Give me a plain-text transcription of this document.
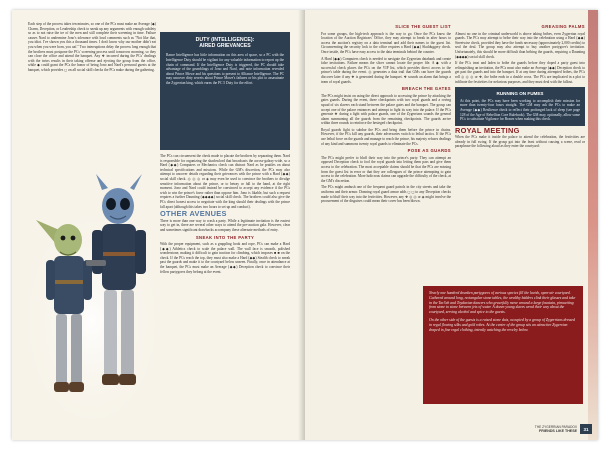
Each step of the process takes ten minutes, so one of the PCs must make an Average (◆) Charm, Deception, or Leadership check to sneak up any arguments with enough subtlety so as to not raise the ire of the men and still complete their screening in time. Failure causes Nard to undermine Jono's tolerance with loud comments such as "Not like that, you idiot. I've shown you this a thousand times. I don't know why our mother didn't eat you when you were born, you oaf." Two interruptions delay the process long enough that the brothers must postpone the PCs' screening process until tomorrow morning, so they can close the office and attend the banquet. Any ❖ incurred during the PCs' dealings with the twins results in their taking offense and ejecting the group from the office, while ◆ could grant the PCs the honor of being Jono and Nard's personal guests at the banquet, which provides ◻ on all social skill checks the PCs make during the gathering.

DUTY (INTELLIGENCE):
AIRED GRIEVANCES
Rance Intelligence has little information on this area of space, so a PC with the Intelligence Duty should be vigilant for any valuable information to report up the chain of command. If the Intelligence Duty is triggered, the PC should take advantage of the grumblings of Jono and Nard, and note information revealed about Prince Mowe and his questions to present to Alliance Intelligence. The PC may uncover dirty secrets about Prince Mowe's failures or his plot to assassinate the Zygerrian king, which earns the PC 5 Duty for the effort.

The PCs can circumvent the check made to placate the brothers by separating them. Nard is responsible for organizing the shadowlord that broadcasts the across-galaxy-wide, so a Hard (◆◆) Computers or Mechanics check can distract Nard as he prattles on about technical specifications and missions. While the GM's discretion, the PCs may also attempt to uncover details regarding their grievances with the prince with a Hard (◆◆) social skill check. ◎ ◎ ◎ or ◈ may even be used to convince the brothers to divulge sensitive information about the prince, or to betray or fall to the hand, at the right moment. Jono and Nard could instead be convinced to accept any evidence if the PCs wish to win the prince's favor rather than oppose him. Jono is likable, but such a request requires a further Daunting (◆◆◆◆) social skill check. The brothers could also give the PCs direct honest access to negotiate with the king should their dealings with the prince fall apart (although this takes two hours to set up and conduct).

OTHER AVENUES

There is more than one way to crash a party. While a legitimate invitation is the easiest way to get in, there are several other ways to attend the pre-auction gala. However, clear and sometimes significant drawbacks accompany these alternate methods of entry.

SNEAK INTO THE PARTY

With the proper equipment, such as a grappling hook and rope, PCs can make a Hard (◆◆) Athletics check to scale the palace wall. The wall face is smooth, polished wonderstone, making it difficult to gain traction for climbing, which imposes ■ ■ on the check. If the PCs reach the top, they must also make a Hard (◆◆) Stealth check to sneak past the guards and make it to the courtyard below unseen. Finally, once in attendance at the banquet, the PCs must make an Average (◆◆) Deception check to convince their fellow partygoers they belong at the event.

SLICE THE GUEST LIST

For some groups, the high-tech approach is the way to go. Once the PCs know the location of the Auction Registrars' Office, they may attempt to break in after hours to access the auction's registry on a data terminal and add their names to the guest list. Circumventing the security lock to the office requires a Hard (◆◆) Skulduggery check. Once inside, the PCs have easy access to the data terminals behind the counter.

A Hard (◆◆) Computers check is needed to navigate the Zygerrian databank and create false invitations. Failure means the slicer cannot locate the proper file. A ◆ with a successful check places the PCs on the VIP list, which provides direct access to the prince's table during the event. ◎ generates a data trail that GMs can have the guards discover later if any ❖ is generated during the banquet. ❖ sounds an alarm that brings a team of royal guards.

BREACH THE GATES

The PCs might insist on using the direct approach to accessing the prince by attacking the gates guards. During the event, three checkpoints with two royal guards and a roving squad of six slavers each stand between the palace gates and the banquet. The group can accept one of the palace entrances and attempt to fight its way into the palace. If the PCs generate ❖ during a fight with palace guards, one of the Zygerrians sounds the general alarm summoning all the guards from the remaining checkpoints. The guards arrive within three rounds to reinforce the besieged checkpoint.

Royal guards fight to subdue the PCs and bring them before the prince in chains. However, if the PCs kill any guards, their adversaries switch to lethal tactics. If the PCs use lethal force on the guards and manage to reach the prince, his majesty refuses dealings of any kind and summons twenty royal guards to eliminate the PCs.

POSE AS GUARDS

The PCs might prefer to bluff their way into the prince's party. They can attempt an opposed Deception check to fool the royal guards into letting them pass and give them access to the celebration. The most acceptable claims should be that the PCs are missing from the guest list in error or that they are colleagues of the prince attempting to gain access to the celebration. More ludicrous claims can upgrade the difficulty of the check, at the GM's discretion.

The PCs might ambush one of the frequent guard patrols in the city streets and take the uniforms and their armor. Donning royal guard armor adds ◻ ◻ to any Deception checks made to bluff their way into the festivities. However, any ❖ ◎ ◎ or ◈ might involve the procurement of the disguises could mean their cover has been blown.

GREASING PALMS

Almost no one in the criminal underworld is above taking bribes, even Zygerrian royal guards. The PCs may attempt to bribe their way into the celebration using a Hard (◆◆) Streetwise check, provided they have the funds necessary (approximately 2,000 credits) to seal the deal. The group may also attempt to buy another partygoer's invitation. Unfortunately, this should be more difficult than bribing the guards, requiring a Daunting (◆◆◆◆) social skill check.

If the PCs treat and laden to bribe the guards before they doped a party guest into relinquishing an invitation, the PCs must also make an Average (◆◆) Deception check to get past the guards and into the banquet. If at any time during attempted bribes, the PCs roll ◎ ◎ ◎ or ❖, the bribe ends in a double cross. The PCs are implicated in a plot to infiltrate the festivities for nefarious purposes, and they must deal with the fallout.

RUNNING ON FUMES
At this point, the PCs may have been working to accomplish their mission for more than twenty-four hours straight. The GM may ask the PCs to make an Average (◆◆) Resilience check to reflect their prolonged lack of sleep (see page 128 of the Age of Rebellion Core Rulebook). The GM may, optionally, allow some PCs to substitute Vigilance for Brawn when making this check.
ROYAL MEETING

When the PCs make it inside the palace to attend the celebration, the festivities are already in full swing. If the group got into the feast without causing a scene, read or paraphrase the following aloud as they enter the courtyard:

Nearly one hundred drunken partygoers of various species fill the lavish, open-air courtyard. Gathered around long, rectangular stone tables, the wealthy bidders clink their glasses and take in the Tarl'ah and Toydarian dancers who gracefully move around a large fountain, pirouetting from stone to stone between jets of water. A dozen young slaves wend their way about the courtyard, serving alcohol and spice to the guests.

On the other side of the guests is a raised stone dais, occupied by a group of Zygerrians dressed in regal flowing silks and gold robes. At the center of the group sits an attractive Zygerrian draped in fine regal clothing, intently watching the revelry below.

THE ZYGERRIAN PARADOX
FRIENDS LIKE THESE	31
